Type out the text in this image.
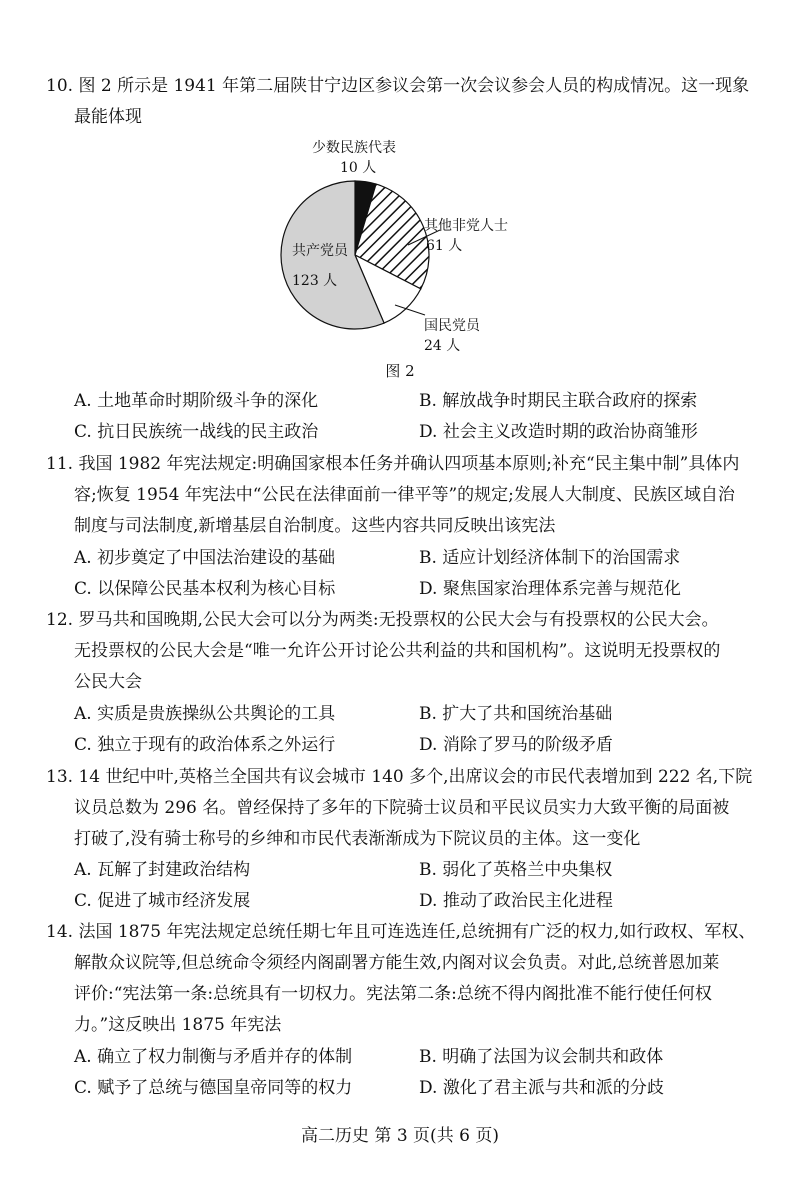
10. 图 2 所示是 1941 年第二届陕甘宁边区参议会第一次会议参会人员的构成情况。这一现象
最能体现
少数民族代表
10 人
其他非党人士
61 人
国民党员
24 人
共产党员
123 人
图 2
A. 土地革命时期阶级斗争的深化	B. 解放战争时期民主联合政府的探索
C. 抗日民族统一战线的民主政治	D. 社会主义改造时期的政治协商雏形
11. 我国 1982 年宪法规定:明确国家根本任务并确认四项基本原则;补充“民主集中制”具体内
容;恢复 1954 年宪法中“公民在法律面前一律平等”的规定;发展人大制度、民族区域自治
制度与司法制度,新增基层自治制度。这些内容共同反映出该宪法
A. 初步奠定了中国法治建设的基础	B. 适应计划经济体制下的治国需求
C. 以保障公民基本权利为核心目标	D. 聚焦国家治理体系完善与规范化
12. 罗马共和国晚期,公民大会可以分为两类:无投票权的公民大会与有投票权的公民大会。
无投票权的公民大会是“唯一允许公开讨论公共利益的共和国机构”。这说明无投票权的
公民大会
A. 实质是贵族操纵公共舆论的工具	B. 扩大了共和国统治基础
C. 独立于现有的政治体系之外运行	D. 消除了罗马的阶级矛盾
13. 14 世纪中叶,英格兰全国共有议会城市 140 多个,出席议会的市民代表增加到 222 名,下院
议员总数为 296 名。曾经保持了多年的下院骑士议员和平民议员实力大致平衡的局面被
打破了,没有骑士称号的乡绅和市民代表渐渐成为下院议员的主体。这一变化
A. 瓦解了封建政治结构	B. 弱化了英格兰中央集权
C. 促进了城市经济发展	D. 推动了政治民主化进程
14. 法国 1875 年宪法规定总统任期七年且可连选连任,总统拥有广泛的权力,如行政权、军权、
解散众议院等,但总统命令须经内阁副署方能生效,内阁对议会负责。对此,总统普恩加莱
评价:“宪法第一条:总统具有一切权力。宪法第二条:总统不得内阁批准不能行使任何权
力。”这反映出 1875 年宪法
A. 确立了权力制衡与矛盾并存的体制	B. 明确了法国为议会制共和政体
C. 赋予了总统与德国皇帝同等的权力	D. 激化了君主派与共和派的分歧
高二历史 第 3 页(共 6 页)
